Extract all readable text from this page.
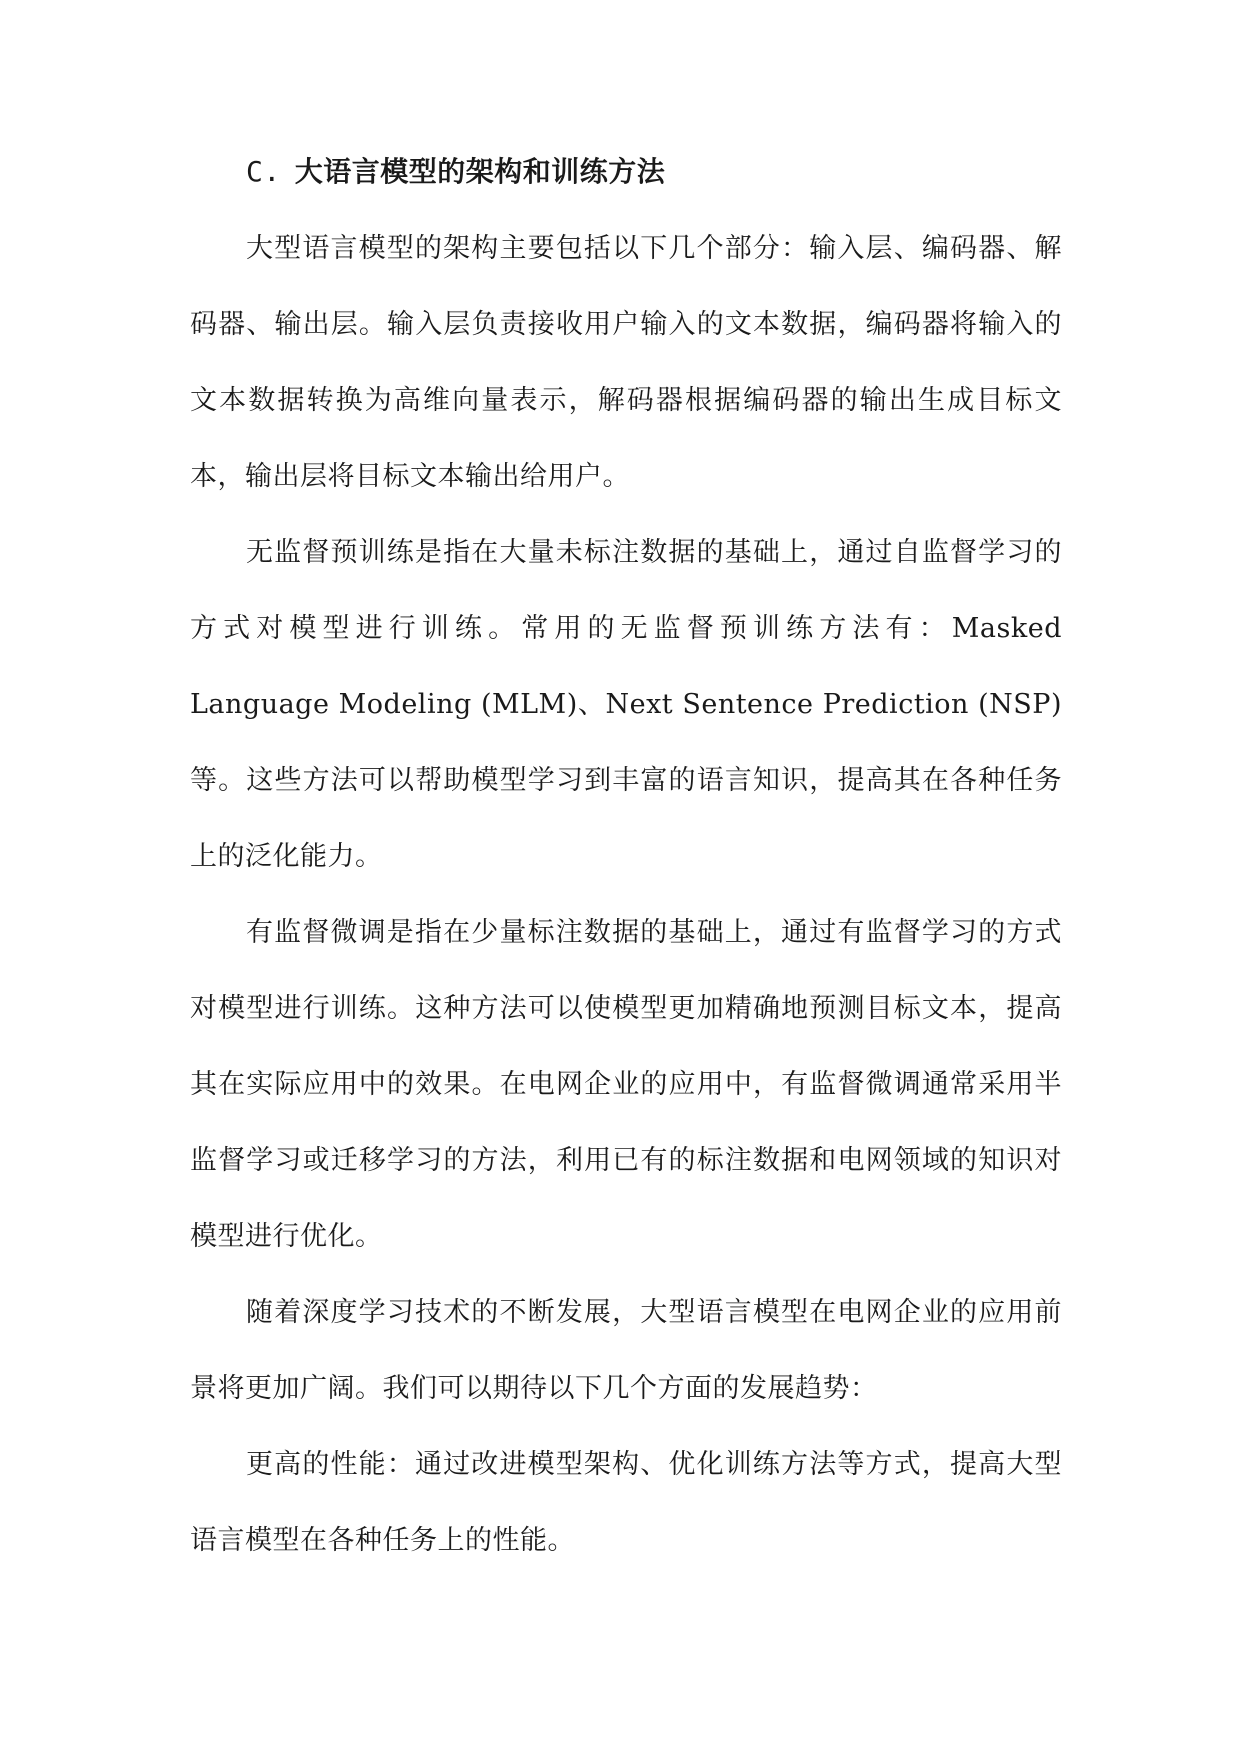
C. 大语言模型的架构和训练方法

大型语言模型的架构主要包括以下几个部分：输入层、编码器、解码器、输出层。输入层负责接收用户输入的文本数据，编码器将输入的文本数据转换为高维向量表示，解码器根据编码器的输出生成目标文本，输出层将目标文本输出给用户。

无监督预训练是指在大量未标注数据的基础上，通过自监督学习的方式对模型进行训练。常用的无监督预训练方法有：Masked Language Modeling (MLM)、Next Sentence Prediction (NSP)等。这些方法可以帮助模型学习到丰富的语言知识，提高其在各种任务上的泛化能力。

有监督微调是指在少量标注数据的基础上，通过有监督学习的方式对模型进行训练。这种方法可以使模型更加精确地预测目标文本，提高其在实际应用中的效果。在电网企业的应用中，有监督微调通常采用半监督学习或迁移学习的方法，利用已有的标注数据和电网领域的知识对模型进行优化。

随着深度学习技术的不断发展，大型语言模型在电网企业的应用前景将更加广阔。我们可以期待以下几个方面的发展趋势：

更高的性能：通过改进模型架构、优化训练方法等方式，提高大型语言模型在各种任务上的性能。
